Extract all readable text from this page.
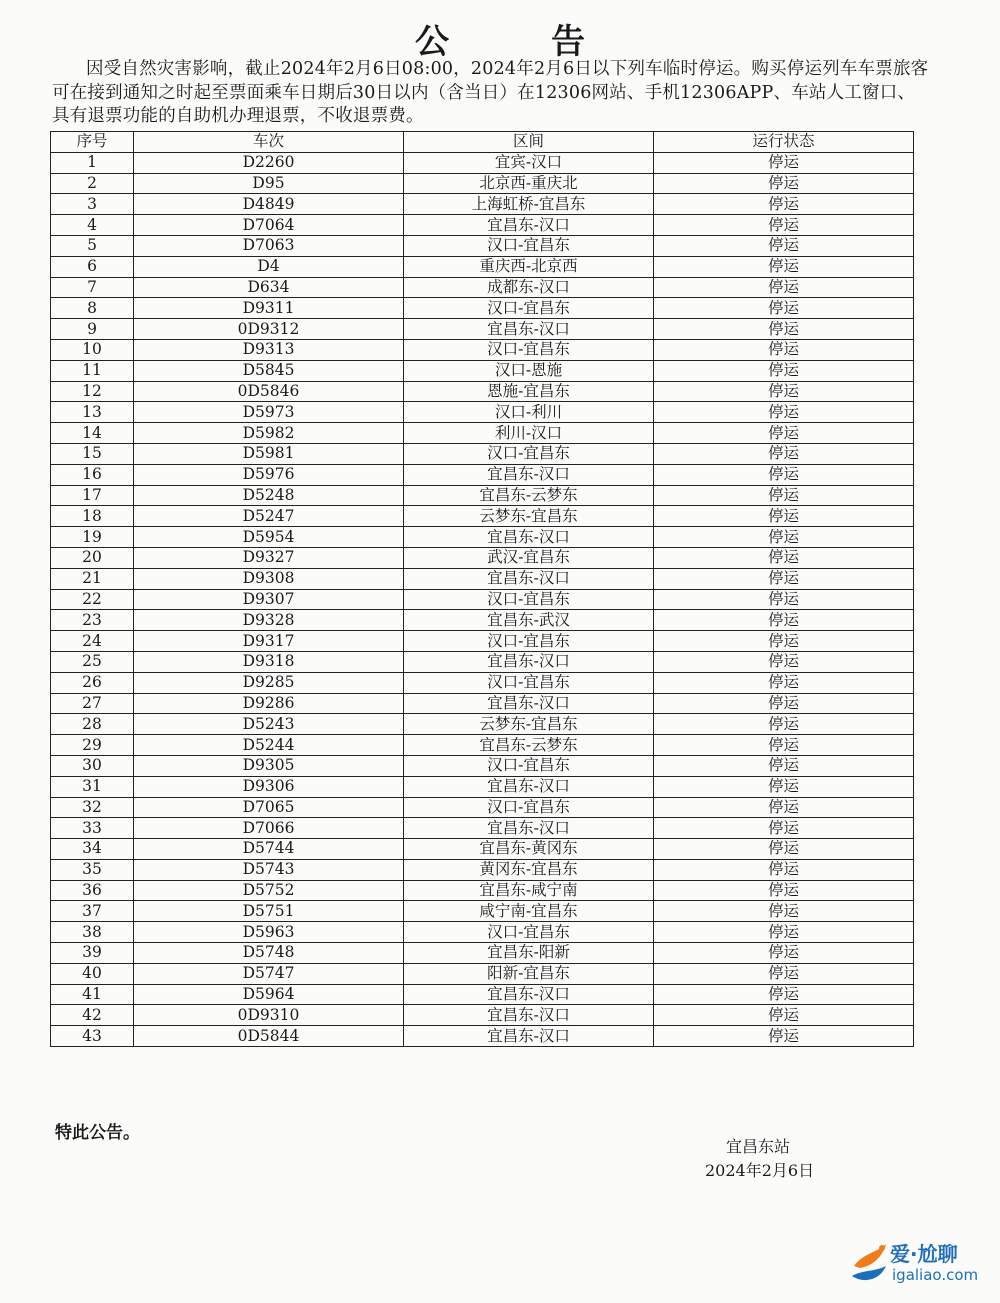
公　告
因受自然灾害影响，截止2024年2月6日08:00，2024年2月6日以下列车临时停运。购买停运列车车票旅客可在接到通知之时起至票面乘车日期后30日以内（含当日）在12306网站、手机12306APP、车站人工窗口、具有退票功能的自助机办理退票，不收退票费。
序号	车次	区间	运行状态
1	D2260	宜宾-汉口	停运
2	D95	北京西-重庆北	停运
3	D4849	上海虹桥-宜昌东	停运
4	D7064	宜昌东-汉口	停运
5	D7063	汉口-宜昌东	停运
6	D4	重庆西-北京西	停运
7	D634	成都东-汉口	停运
8	D9311	汉口-宜昌东	停运
9	0D9312	宜昌东-汉口	停运
10	D9313	汉口-宜昌东	停运
11	D5845	汉口-恩施	停运
12	0D5846	恩施-宜昌东	停运
13	D5973	汉口-利川	停运
14	D5982	利川-汉口	停运
15	D5981	汉口-宜昌东	停运
16	D5976	宜昌东-汉口	停运
17	D5248	宜昌东-云梦东	停运
18	D5247	云梦东-宜昌东	停运
19	D5954	宜昌东-汉口	停运
20	D9327	武汉-宜昌东	停运
21	D9308	宜昌东-汉口	停运
22	D9307	汉口-宜昌东	停运
23	D9328	宜昌东-武汉	停运
24	D9317	汉口-宜昌东	停运
25	D9318	宜昌东-汉口	停运
26	D9285	汉口-宜昌东	停运
27	D9286	宜昌东-汉口	停运
28	D5243	云梦东-宜昌东	停运
29	D5244	宜昌东-云梦东	停运
30	D9305	汉口-宜昌东	停运
31	D9306	宜昌东-汉口	停运
32	D7065	汉口-宜昌东	停运
33	D7066	宜昌东-汉口	停运
34	D5744	宜昌东-黄冈东	停运
35	D5743	黄冈东-宜昌东	停运
36	D5752	宜昌东-咸宁南	停运
37	D5751	咸宁南-宜昌东	停运
38	D5963	汉口-宜昌东	停运
39	D5748	宜昌东-阳新	停运
40	D5747	阳新-宜昌东	停运
41	D5964	宜昌东-汉口	停运
42	0D9310	宜昌东-汉口	停运
43	0D5844	宜昌东-汉口	停运
特此公告。
宜昌东站
2024年2月6日
爱·尬聊
igaliao.com
